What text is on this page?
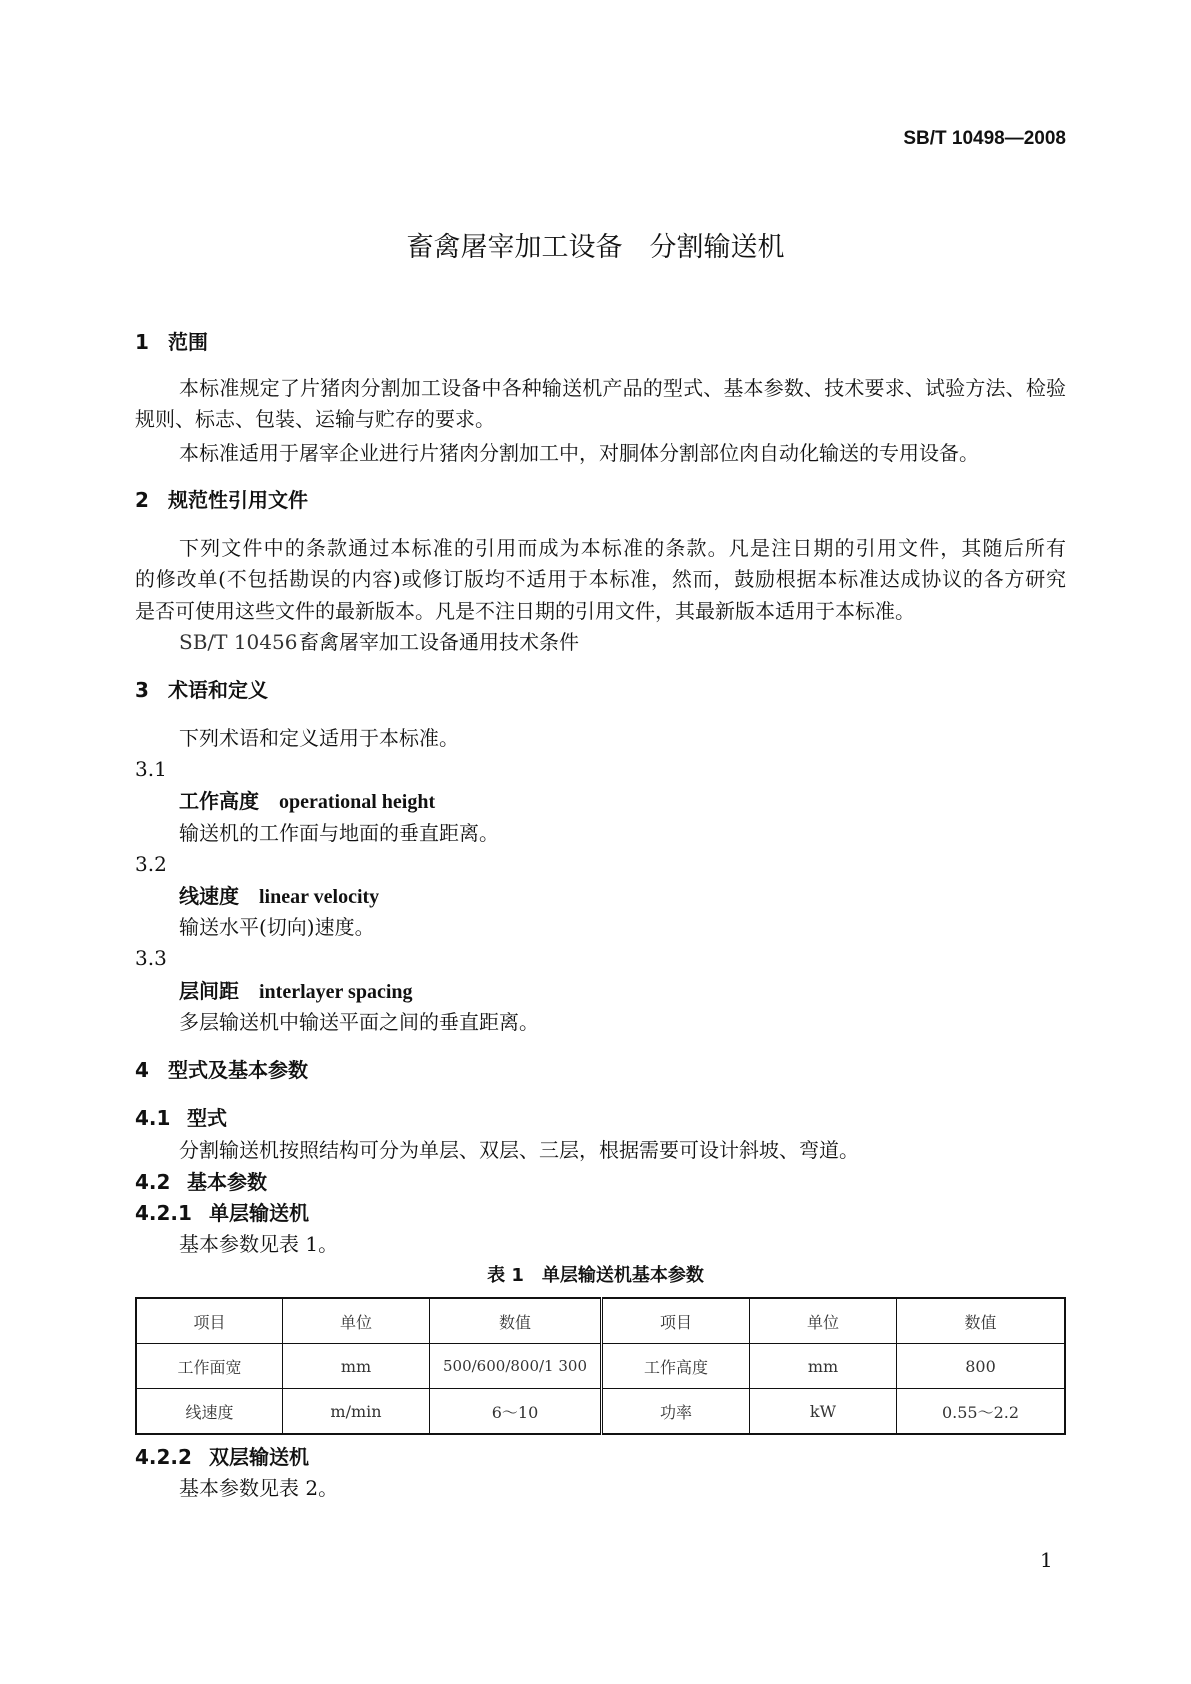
SB/T 10498—2008
畜禽屠宰加工设备　分割输送机
1 范围
本标准规定了片猪肉分割加工设备中各种输送机产品的型式、基本参数、技术要求、试验方法、检验
规则、标志、包装、运输与贮存的要求。
本标准适用于屠宰企业进行片猪肉分割加工中，对胴体分割部位肉自动化输送的专用设备。
2 规范性引用文件
下列文件中的条款通过本标准的引用而成为本标准的条款。凡是注日期的引用文件，其随后所有
的修改单(不包括勘误的内容)或修订版均不适用于本标准，然而，鼓励根据本标准达成协议的各方研究
是否可使用这些文件的最新版本。凡是不注日期的引用文件，其最新版本适用于本标准。
SB/T 10456畜禽屠宰加工设备通用技术条件
3 术语和定义
下列术语和定义适用于本标准。
3.1
工作高度　 operational height
输送机的工作面与地面的垂直距离。
3.2
线速度　 linear velocity
输送水平(切向)速度。
3.3
层间距　 interlayer spacing
多层输送机中输送平面之间的垂直距离。
4 型式及基本参数
4.1 型式
分割输送机按照结构可分为单层、双层、三层，根据需要可设计斜坡、弯道。
4.2 基本参数
4.2.1 单层输送机
基本参数见表 1。
表 1　单层输送机基本参数
项目	单位	数值	项目	单位	数值
工作面宽	mm	500/600/800/1 300	工作高度	mm	800
线速度	m/min	6～10	功率	kW	0.55～2.2
4.2.2 双层输送机
基本参数见表 2。
1
